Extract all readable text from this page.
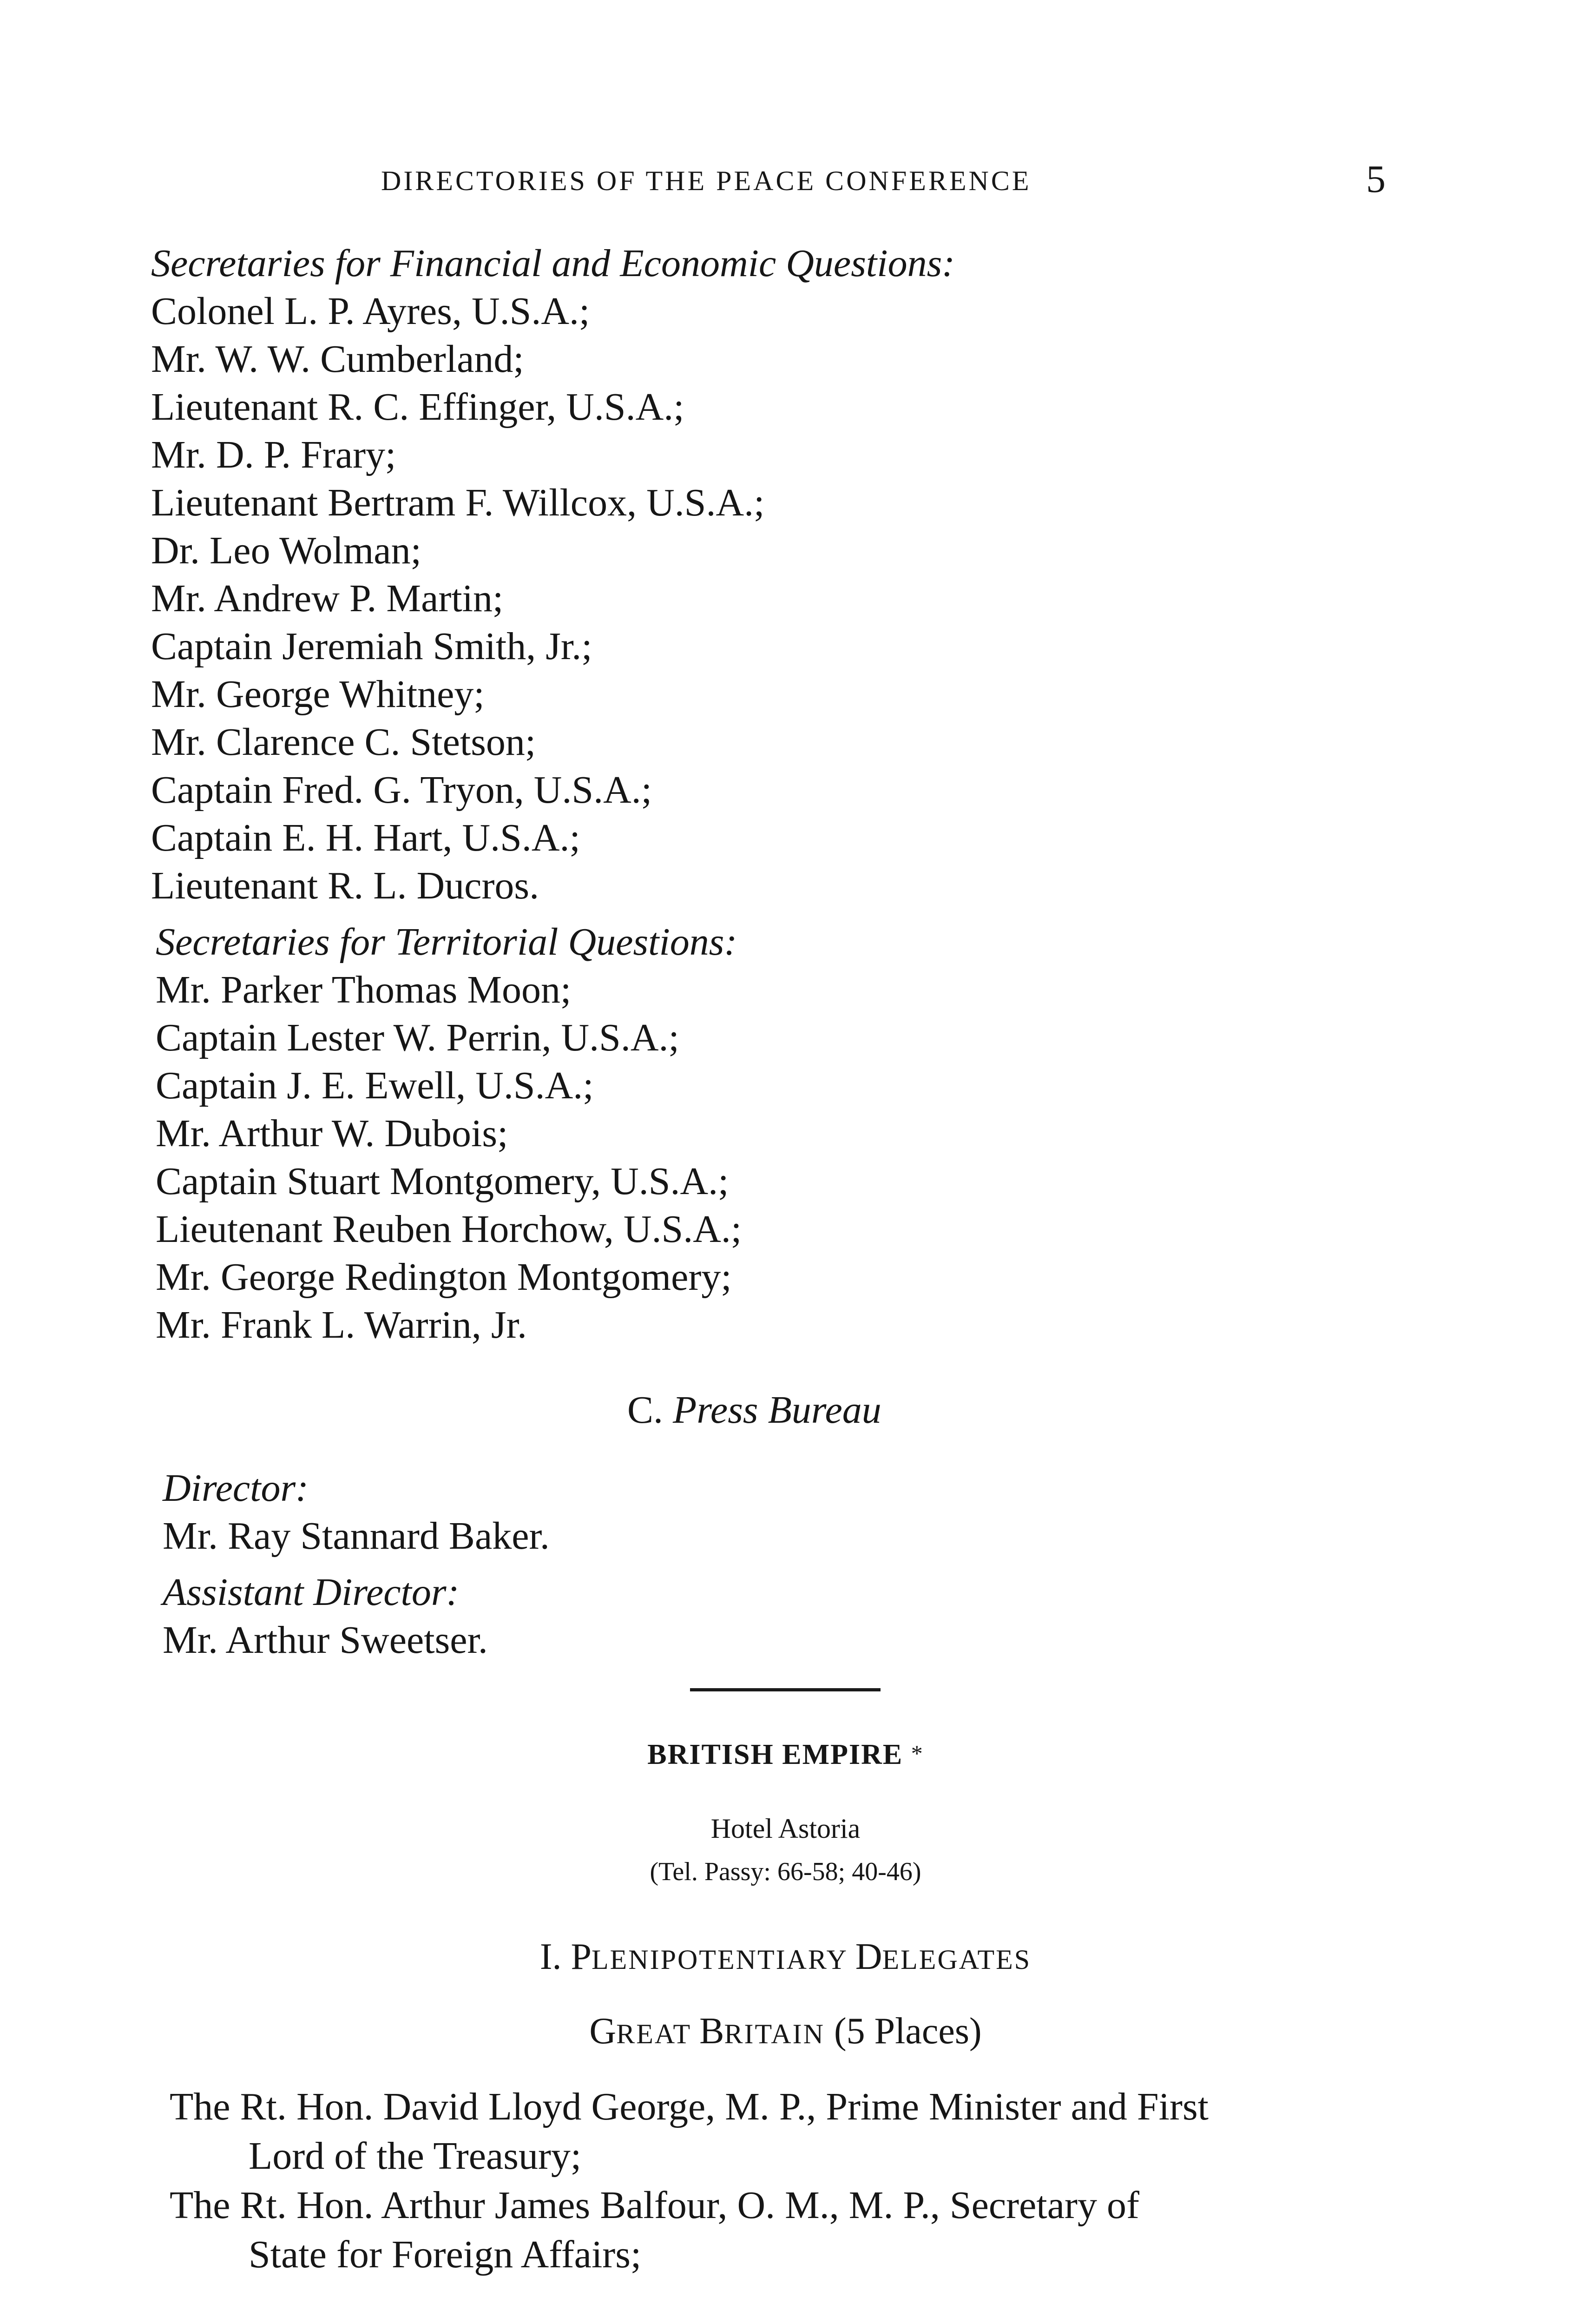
DIRECTORIES OF THE PEACE CONFERENCE	5
Secretaries for Financial and Economic Questions:
Colonel L. P. Ayres, U.S.A.;
Mr. W. W. Cumberland;
Lieutenant R. C. Effinger, U.S.A.;
Mr. D. P. Frary;
Lieutenant Bertram F. Willcox, U.S.A.;
Dr. Leo Wolman;
Mr. Andrew P. Martin;
Captain Jeremiah Smith, Jr.;
Mr. George Whitney;
Mr. Clarence C. Stetson;
Captain Fred. G. Tryon, U.S.A.;
Captain E. H. Hart, U.S.A.;
Lieutenant R. L. Ducros.
Secretaries for Territorial Questions:
Mr. Parker Thomas Moon;
Captain Lester W. Perrin, U.S.A.;
Captain J. E. Ewell, U.S.A.;
Mr. Arthur W. Dubois;
Captain Stuart Montgomery, U.S.A.;
Lieutenant Reuben Horchow, U.S.A.;
Mr. George Redington Montgomery;
Mr. Frank L. Warrin, Jr.
C. Press Bureau
Director:
Mr. Ray Stannard Baker.
Assistant Director:
Mr. Arthur Sweetser.
BRITISH EMPIRE *
Hotel Astoria
(Tel. Passy: 66-58; 40-46)
I. PLENIPOTENTIARY DELEGATES
GREAT BRITAIN (5 Places)
The Rt. Hon. David Lloyd George, M. P., Prime Minister and First
Lord of the Treasury;
The Rt. Hon. Arthur James Balfour, O. M., M. P., Secretary of
State for Foreign Affairs;
